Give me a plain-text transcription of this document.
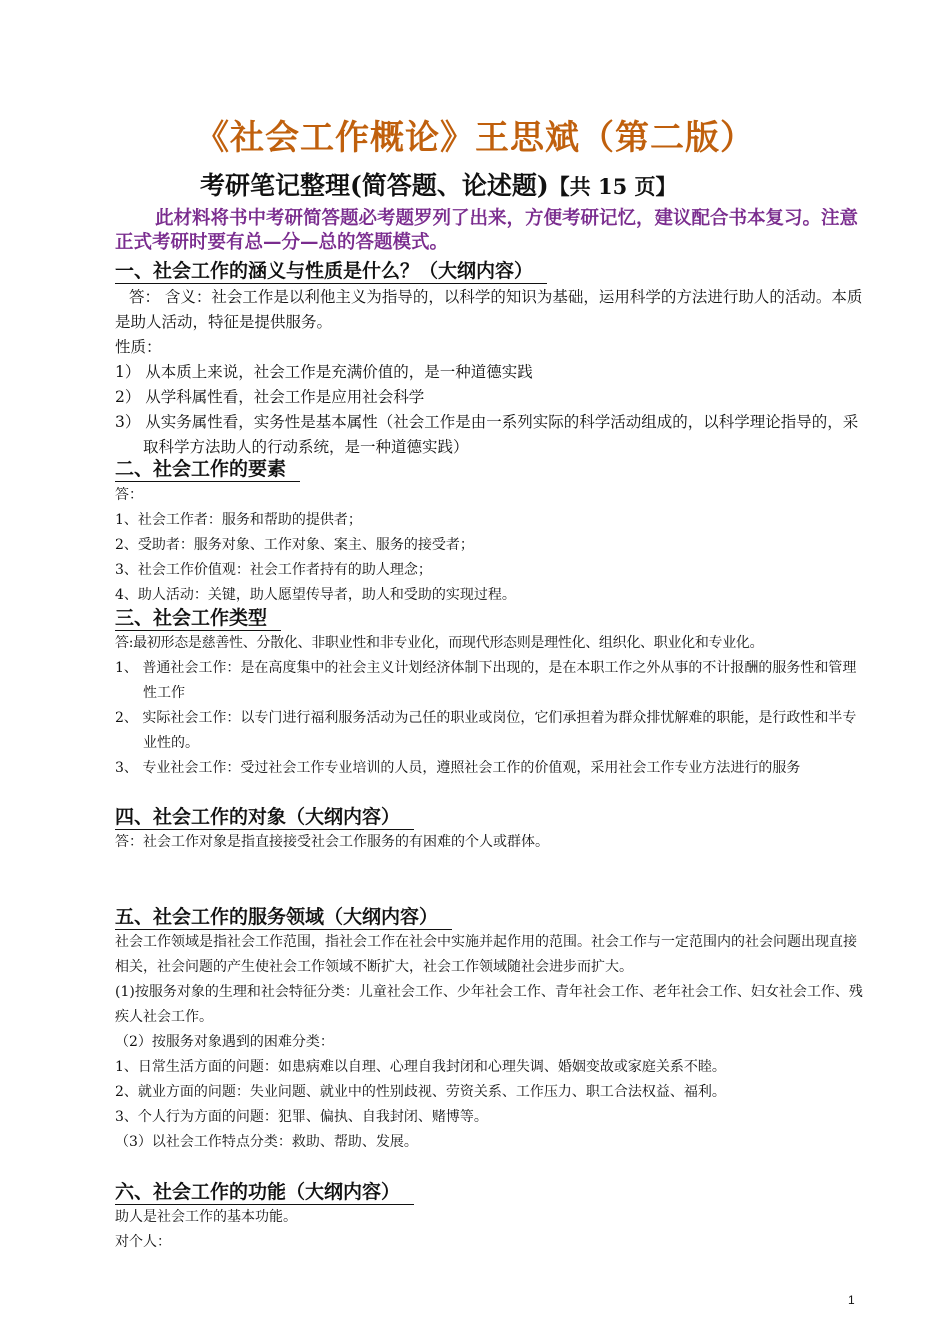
《社会工作概论》王思斌（第二版）
考研笔记整理(简答题、论述题)【共 15 页】
此材料将书中考研简答题必考题罗列了出来，方便考研记忆，建议配合书本复习。注意正式考研时要有总—分—总的答题模式。
一、社会工作的涵义与性质是什么？（大纲内容）
答： 含义：社会工作是以利他主义为指导的，以科学的知识为基础，运用科学的方法进行助人的活动。本质是助人活动，特征是提供服务。
性质：
1） 从本质上来说，社会工作是充满价值的，是一种道德实践
2） 从学科属性看，社会工作是应用社会科学
3） 从实务属性看，实务性是基本属性（社会工作是由一系列实际的科学活动组成的，以科学理论指导的，采取科学方法助人的行动系统，是一种道德实践）
二、社会工作的要素
答：
1、社会工作者：服务和帮助的提供者；
2、受助者：服务对象、工作对象、案主、服务的接受者；
3、社会工作价值观：社会工作者持有的助人理念；
4、助人活动：关键，助人愿望传导者，助人和受助的实现过程。
三、社会工作类型
答:最初形态是慈善性、分散化、非职业性和非专业化，而现代形态则是理性化、组织化、职业化和专业化。
1、 普通社会工作：是在高度集中的社会主义计划经济体制下出现的，是在本职工作之外从事的不计报酬的服务性和管理性工作
2、 实际社会工作：以专门进行福利服务活动为己任的职业或岗位，它们承担着为群众排忧解难的职能，是行政性和半专业性的。
3、 专业社会工作：受过社会工作专业培训的人员，遵照社会工作的价值观，采用社会工作专业方法进行的服务
四、社会工作的对象（大纲内容）
答：社会工作对象是指直接接受社会工作服务的有困难的个人或群体。
五、社会工作的服务领域（大纲内容）
社会工作领域是指社会工作范围，指社会工作在社会中实施并起作用的范围。社会工作与一定范围内的社会问题出现直接相关，社会问题的产生使社会工作领域不断扩大，社会工作领域随社会进步而扩大。
(1)按服务对象的生理和社会特征分类：儿童社会工作、少年社会工作、青年社会工作、老年社会工作、妇女社会工作、残疾人社会工作。
（2）按服务对象遇到的困难分类：
1、日常生活方面的问题：如患病难以自理、心理自我封闭和心理失调、婚姻变故或家庭关系不睦。
2、就业方面的问题：失业问题、就业中的性别歧视、劳资关系、工作压力、职工合法权益、福利。
3、个人行为方面的问题：犯罪、偏执、自我封闭、赌博等。
（3）以社会工作特点分类：救助、帮助、发展。
六、社会工作的功能（大纲内容）
助人是社会工作的基本功能。
对个人：
1
